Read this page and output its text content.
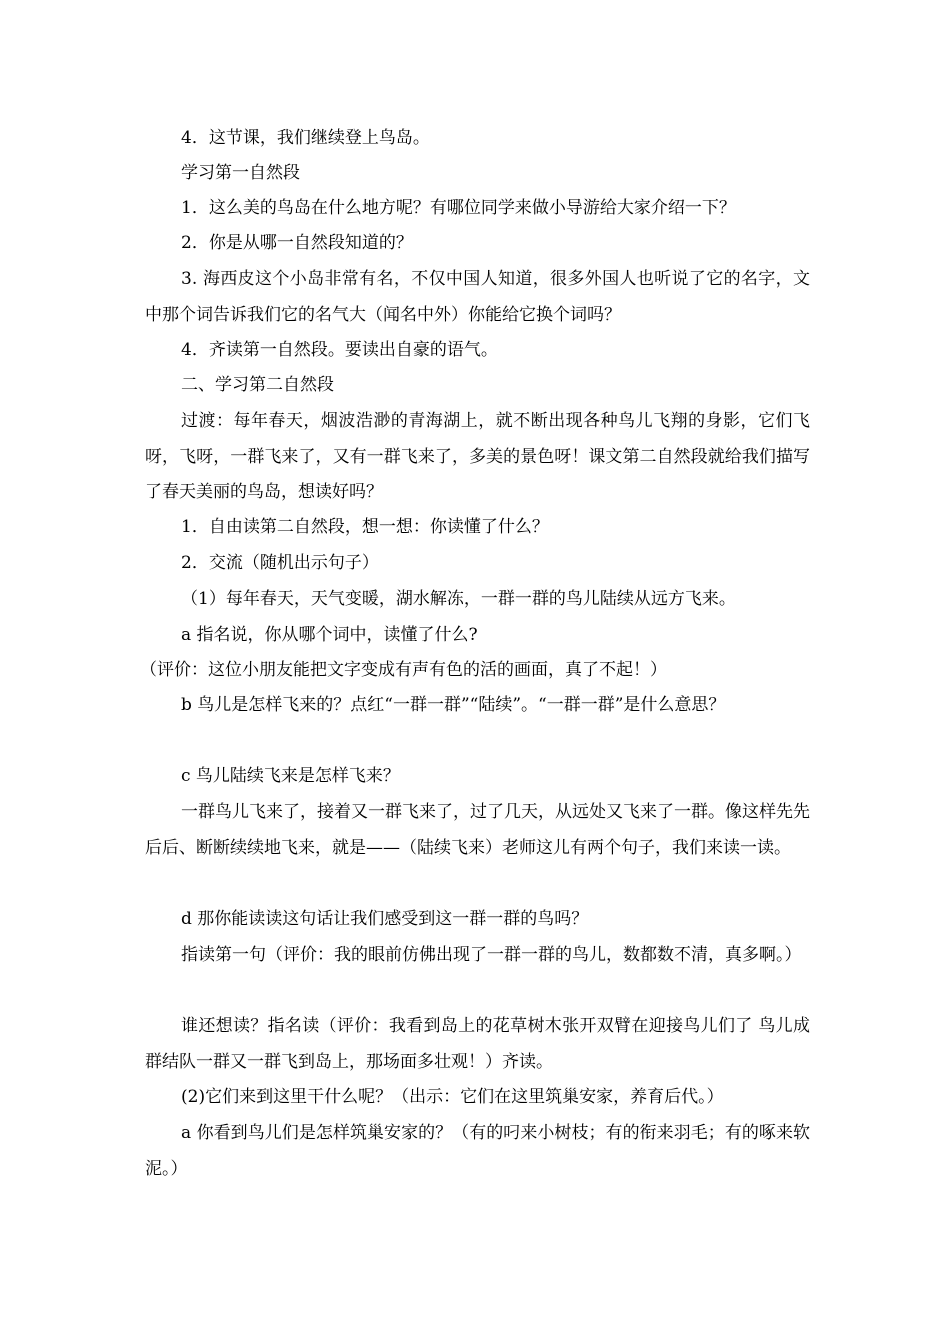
4．这节课，我们继续登上鸟岛。

学习第一自然段

1．这么美的鸟岛在什么地方呢？有哪位同学来做小导游给大家介绍一下？

2．你是从哪一自然段知道的？

3. 海西皮这个小岛非常有名，不仅中国人知道，很多外国人也听说了它的名字，文中那个词告诉我们它的名气大（闻名中外）你能给它换个词吗？

4．齐读第一自然段。要读出自豪的语气。

二、学习第二自然段

过渡：每年春天，烟波浩渺的青海湖上，就不断出现各种鸟儿飞翔的身影，它们飞呀，飞呀，一群飞来了，又有一群飞来了，多美的景色呀！课文第二自然段就给我们描写了春天美丽的鸟岛，想读好吗？

1．自由读第二自然段，想一想：你读懂了什么？

2．交流（随机出示句子）

（1）每年春天，天气变暖，湖水解冻，一群一群的鸟儿陆续从远方飞来。

a 指名说，你从哪个词中，读懂了什么?

（评价：这位小朋友能把文字变成有声有色的活的画面，真了不起！）

b 鸟儿是怎样飞来的？点红“一群一群”“陆续”。“一群一群”是什么意思？

c 鸟儿陆续飞来是怎样飞来？

一群鸟儿飞来了，接着又一群飞来了，过了几天，从远处又飞来了一群。像这样先先后后、断断续续地飞来，就是——（陆续飞来）老师这儿有两个句子，我们来读一读。

d 那你能读读这句话让我们感受到这一群一群的鸟吗？

指读第一句（评价：我的眼前仿佛出现了一群一群的鸟儿，数都数不清，真多啊。）

谁还想读？指名读（评价：我看到岛上的花草树木张开双臂在迎接鸟儿们了 鸟儿成群结队一群又一群飞到岛上，那场面多壮观！）齐读。

(2)它们来到这里干什么呢？（出示：它们在这里筑巢安家，养育后代。）

a 你看到鸟儿们是怎样筑巢安家的？（有的叼来小树枝；有的衔来羽毛；有的啄来软泥。）
